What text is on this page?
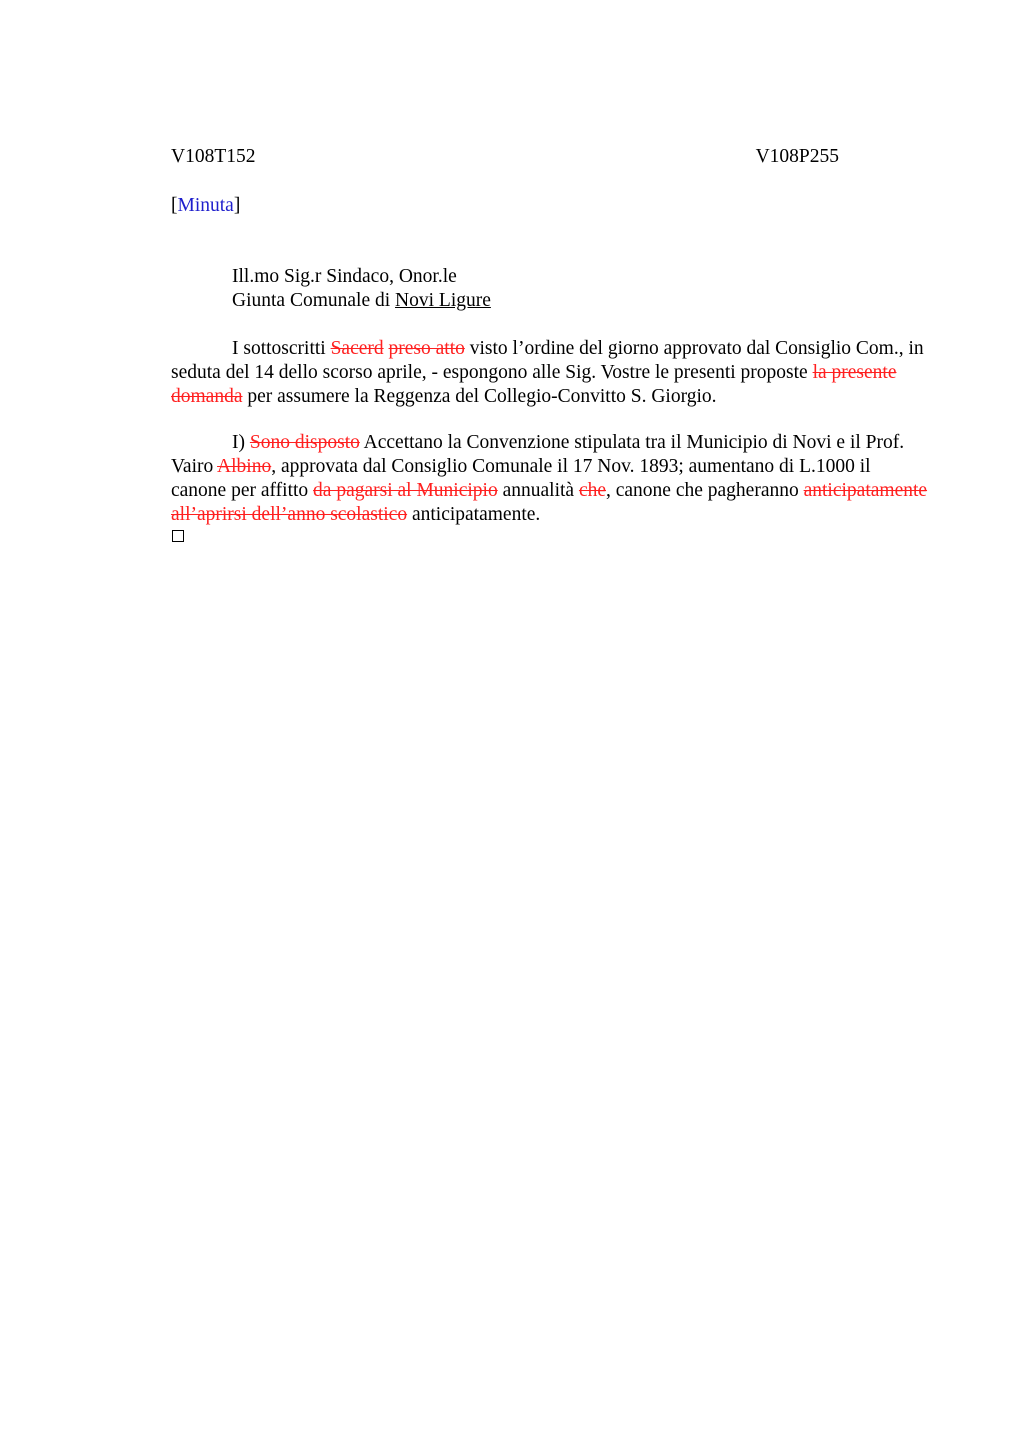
V108T152	V108P255
[Minuta]
Ill.mo Sig.r Sindaco, Onor.le
Giunta Comunale di Novi Ligure
I sottoscritti Sacerd preso atto visto l’ordine del giorno approvato dal Consiglio Com., in seduta del 14 dello scorso aprile, - espongono alle Sig. Vostre le presenti proposte la presente domanda per assumere la Reggenza del Collegio-Convitto S. Giorgio.
I) Sono disposto Accettano la Convenzione stipulata tra il Municipio di Novi e il Prof. Vairo Albino, approvata dal Consiglio Comunale il 17 Nov. 1893; aumentano di L.1000 il canone per affitto da pagarsi al Municipio annualità che, canone che pagheranno anticipatamente all’aprirsi dell’anno scolastico anticipatamente.
